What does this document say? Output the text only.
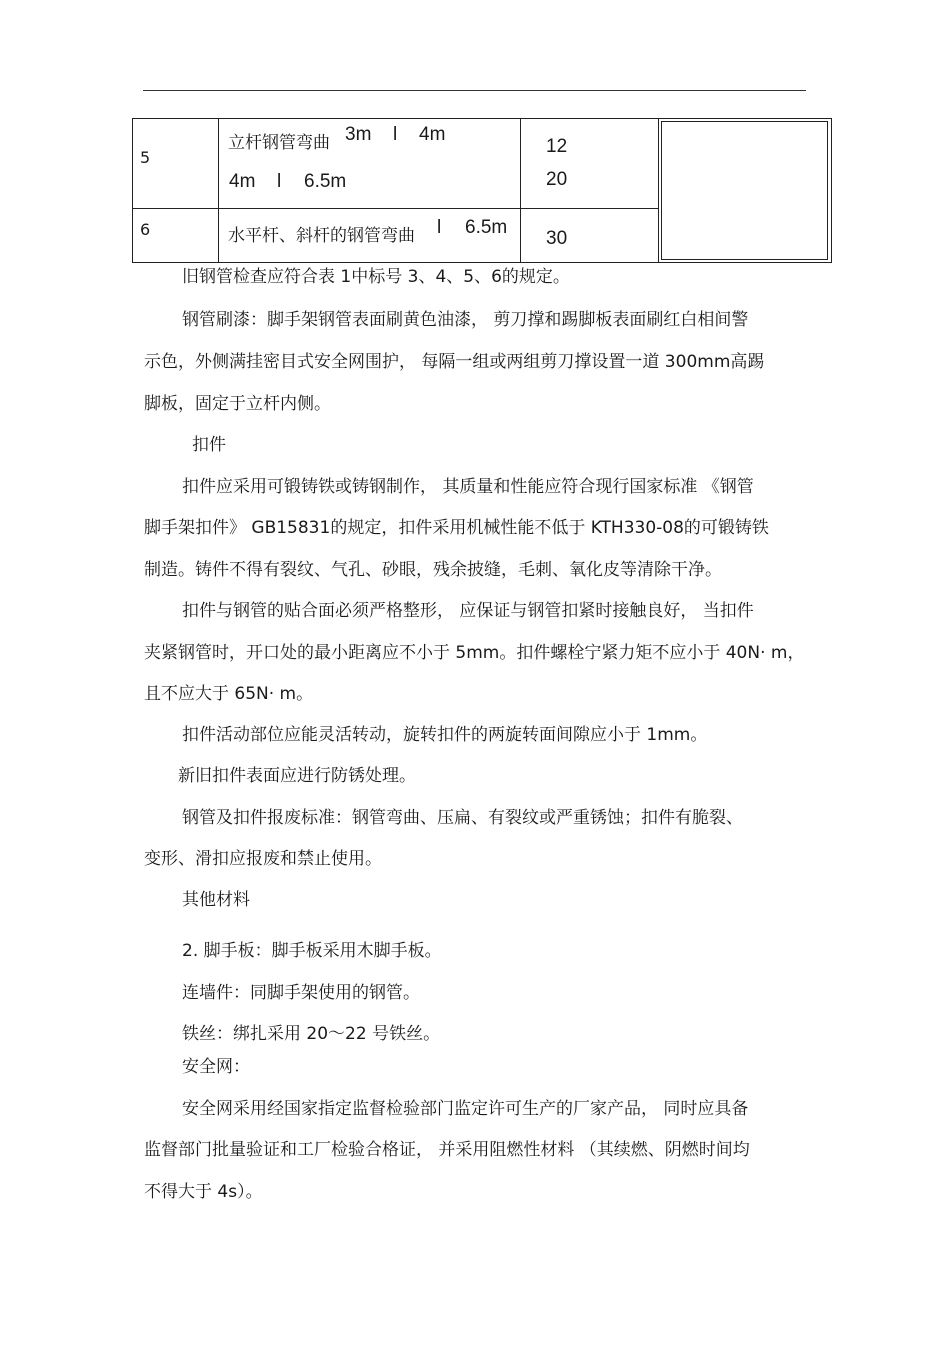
5
立杆钢管弯曲 3m l 4m
4m l 6.5m
12
20
6	水平杆、斜杆的钢管弯曲 l 6.5m
30
旧钢管检查应符合表 1中标号 3、4、5、6的规定。
钢管刷漆：脚手架钢管表面刷黄色油漆， 剪刀撑和踢脚板表面刷红白相间警
示色，外侧满挂密目式安全网围护， 每隔一组或两组剪刀撑设置一道 300mm高踢
脚板，固定于立杆内侧。
扣件
扣件应采用可锻铸铁或铸钢制作， 其质量和性能应符合现行国家标准 《钢管
脚手架扣件》 GB15831的规定，扣件采用机械性能不低于 KTH330-08的可锻铸铁
制造。铸件不得有裂纹、气孔、砂眼，残余披缝，毛刺、氧化皮等清除干净。
扣件与钢管的贴合面必须严格整形， 应保证与钢管扣紧时接触良好， 当扣件
夹紧钢管时，开口处的最小距离应不小于 5mm。扣件螺栓宁紧力矩不应小于 40N· m，
且不应大于 65N· m。
扣件活动部位应能灵活转动，旋转扣件的两旋转面间隙应小于 1mm。
新旧扣件表面应进行防锈处理。
钢管及扣件报废标准：钢管弯曲、压扁、有裂纹或严重锈蚀；扣件有脆裂、
变形、滑扣应报废和禁止使用。
其他材料
2. 脚手板：脚手板采用木脚手板。
连墙件：同脚手架使用的钢管。
铁丝：绑扎采用 20～22 号铁丝。
安全网：
安全网采用经国家指定监督检验部门监定许可生产的厂家产品， 同时应具备
监督部门批量验证和工厂检验合格证， 并采用阻燃性材料 （其续燃、阴燃时间均
不得大于 4s）。
